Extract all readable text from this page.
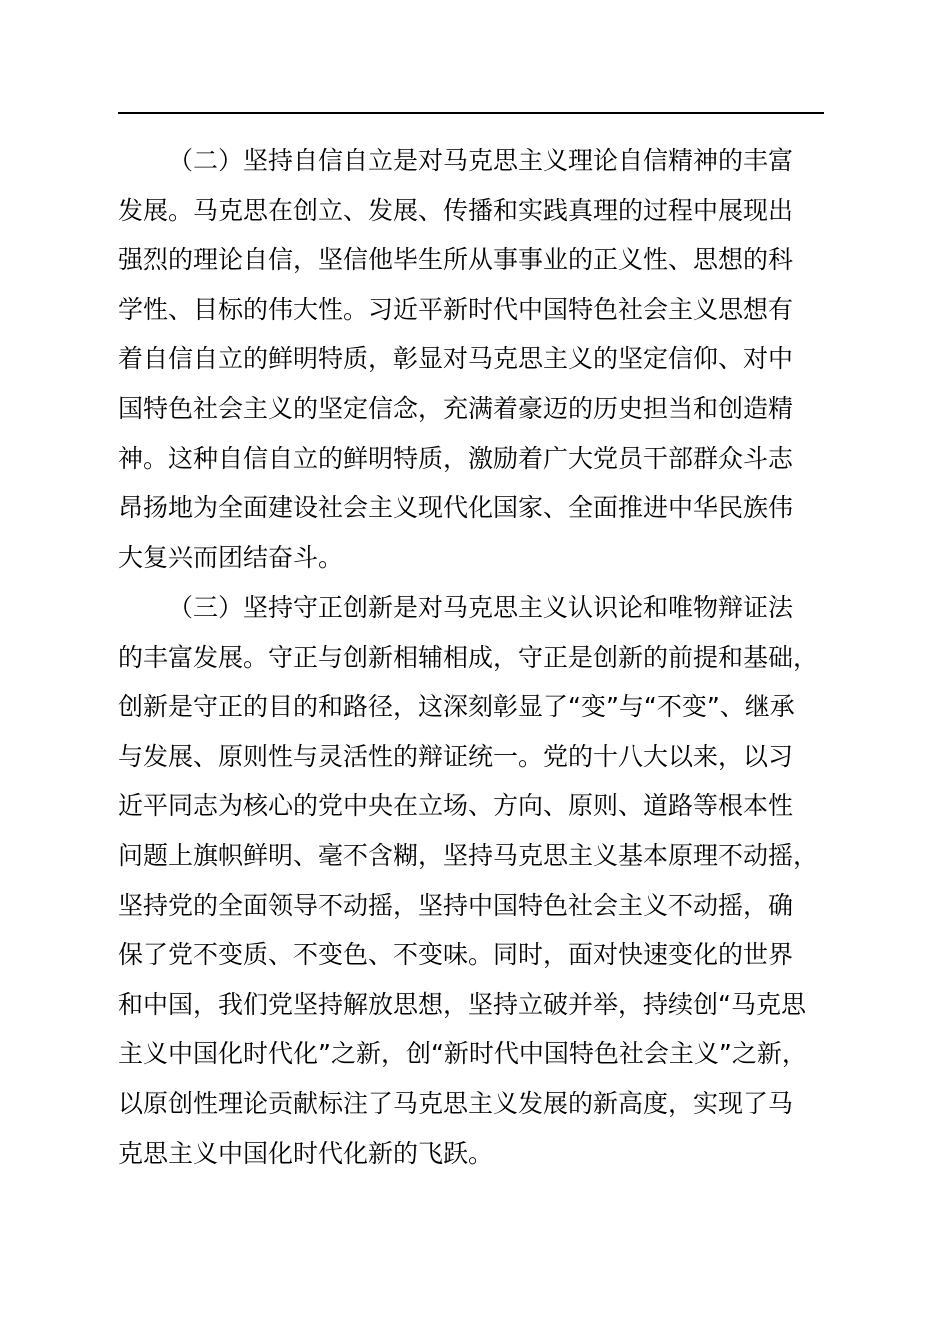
（二）坚持自信自立是对马克思主义理论自信精神的丰富
发展。马克思在创立、发展、传播和实践真理的过程中展现出
强烈的理论自信，坚信他毕生所从事事业的正义性、思想的科
学性、目标的伟大性。习近平新时代中国特色社会主义思想有
着自信自立的鲜明特质，彰显对马克思主义的坚定信仰、对中
国特色社会主义的坚定信念，充满着豪迈的历史担当和创造精
神。这种自信自立的鲜明特质，激励着广大党员干部群众斗志
昂扬地为全面建设社会主义现代化国家、全面推进中华民族伟
大复兴而团结奋斗。
（三）坚持守正创新是对马克思主义认识论和唯物辩证法
的丰富发展。守正与创新相辅相成，守正是创新的前提和基础，
创新是守正的目的和路径，这深刻彰显了“变”与“不变”、继承
与发展、原则性与灵活性的辩证统一。党的十八大以来，以习
近平同志为核心的党中央在立场、方向、原则、道路等根本性
问题上旗帜鲜明、毫不含糊，坚持马克思主义基本原理不动摇，
坚持党的全面领导不动摇，坚持中国特色社会主义不动摇，确
保了党不变质、不变色、不变味。同时，面对快速变化的世界
和中国，我们党坚持解放思想，坚持立破并举，持续创“马克思
主义中国化时代化”之新，创“新时代中国特色社会主义”之新，
以原创性理论贡献标注了马克思主义发展的新高度，实现了马
克思主义中国化时代化新的飞跃。
